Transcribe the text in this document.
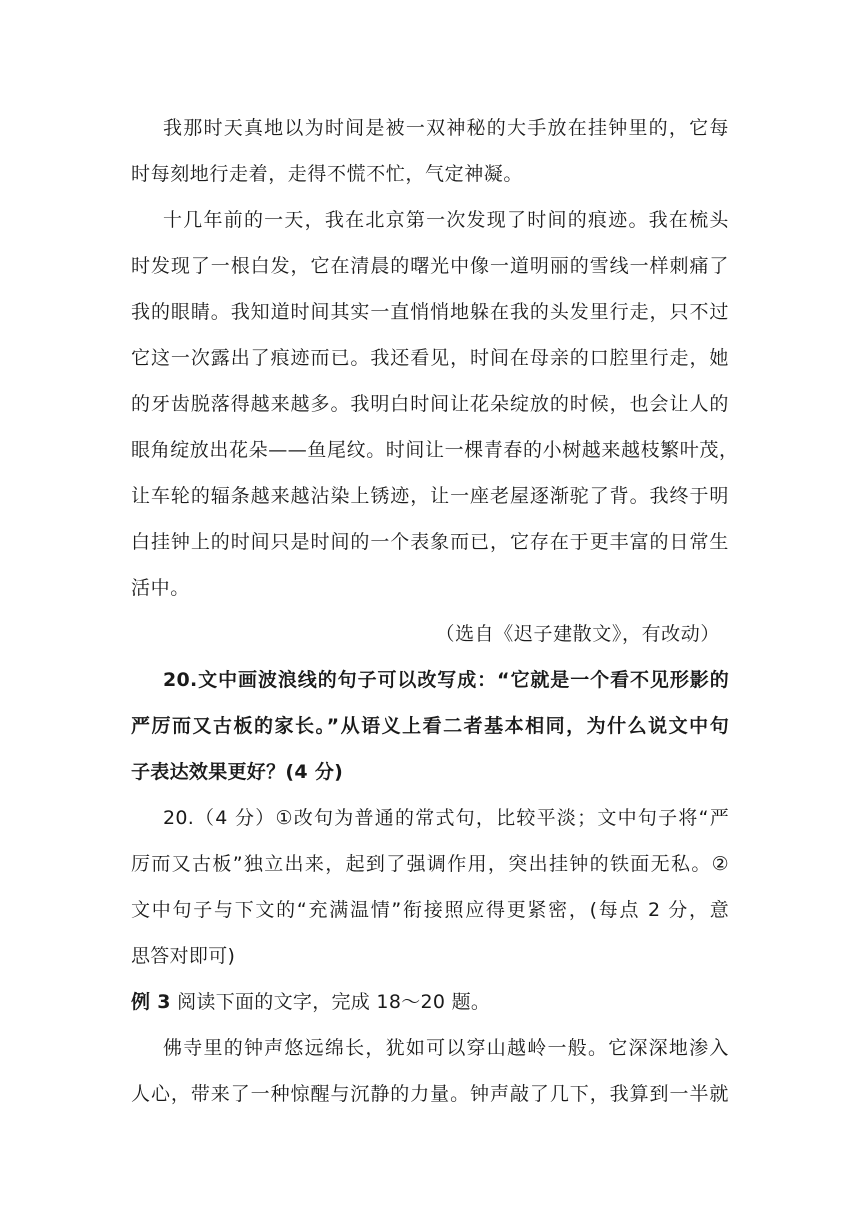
我那时天真地以为时间是被一双神秘的大手放在挂钟里的，它每
时每刻地行走着，走得不慌不忙，气定神凝。
十几年前的一天，我在北京第一次发现了时间的痕迹。我在梳头
时发现了一根白发，它在清晨的曙光中像一道明丽的雪线一样刺痛了
我的眼睛。我知道时间其实一直悄悄地躲在我的头发里行走，只不过
它这一次露出了痕迹而已。我还看见，时间在母亲的口腔里行走，她
的牙齿脱落得越来越多。我明白时间让花朵绽放的时候，也会让人的
眼角绽放出花朵——鱼尾纹。时间让一棵青春的小树越来越枝繁叶茂，
让车轮的辐条越来越沾染上锈迹，让一座老屋逐渐驼了背。我终于明
白挂钟上的时间只是时间的一个表象而已，它存在于更丰富的日常生
活中。
（选自《迟子建散文》，有改动）
20.文中画波浪线的句子可以改写成：“它就是一个看不见形影的
严厉而又古板的家长。”从语义上看二者基本相同，为什么说文中句
子表达效果更好？(4 分)
20.（4 分）①改句为普通的常式句，比较平淡；文中句子将“严
厉而又古板”独立出来，起到了强调作用，突出挂钟的铁面无私。②
文中句子与下文的“充满温情”衔接照应得更紧密，(每点 2 分，意
思答对即可)
例 3 阅读下面的文字，完成 18～20 题。
佛寺里的钟声悠远绵长，犹如可以穿山越岭一般。它深深地渗入
人心，带来了一种惊醒与沉静的力量。钟声敲了几下，我算到一半就
